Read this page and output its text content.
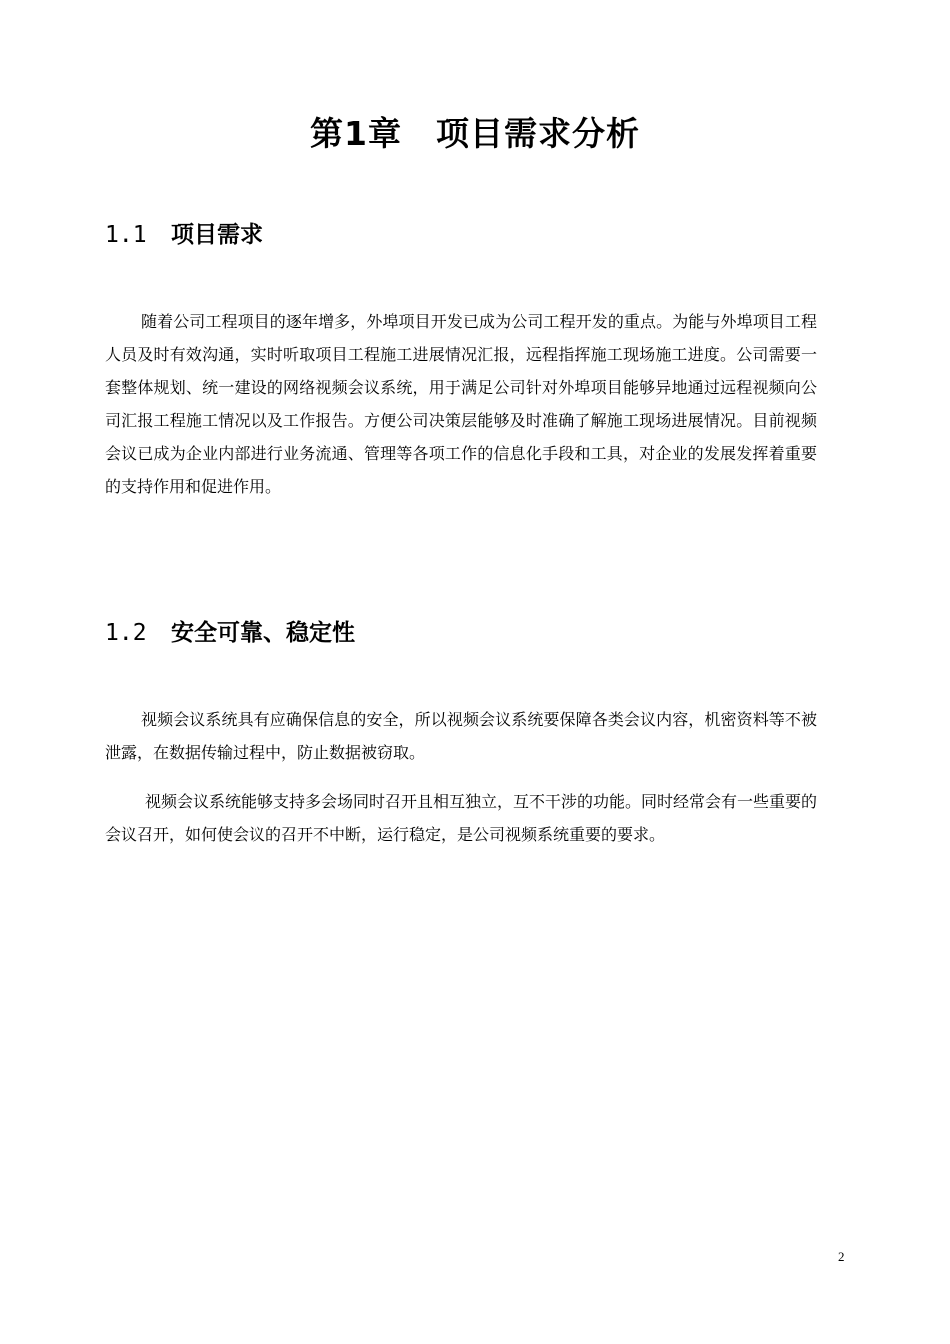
第1章　项目需求分析
1.1 项目需求

随着公司工程项目的逐年增多，外埠项目开发已成为公司工程开发的重点。为能与外埠项目工程人员及时有效沟通，实时听取项目工程施工进展情况汇报，远程指挥施工现场施工进度。公司需要一套整体规划、统一建设的网络视频会议系统，用于满足公司针对外埠项目能够异地通过远程视频向公司汇报工程施工情况以及工作报告。方便公司决策层能够及时准确了解施工现场进展情况。目前视频会议已成为企业内部进行业务流通、管理等各项工作的信息化手段和工具，对企业的发展发挥着重要的支持作用和促进作用。

1.2 安全可靠、稳定性

视频会议系统具有应确保信息的安全，所以视频会议系统要保障各类会议内容，机密资料等不被泄露，在数据传输过程中，防止数据被窃取。

视频会议系统能够支持多会场同时召开且相互独立，互不干涉的功能。同时经常会有一些重要的会议召开，如何使会议的召开不中断，运行稳定，是公司视频系统重要的要求。

2
